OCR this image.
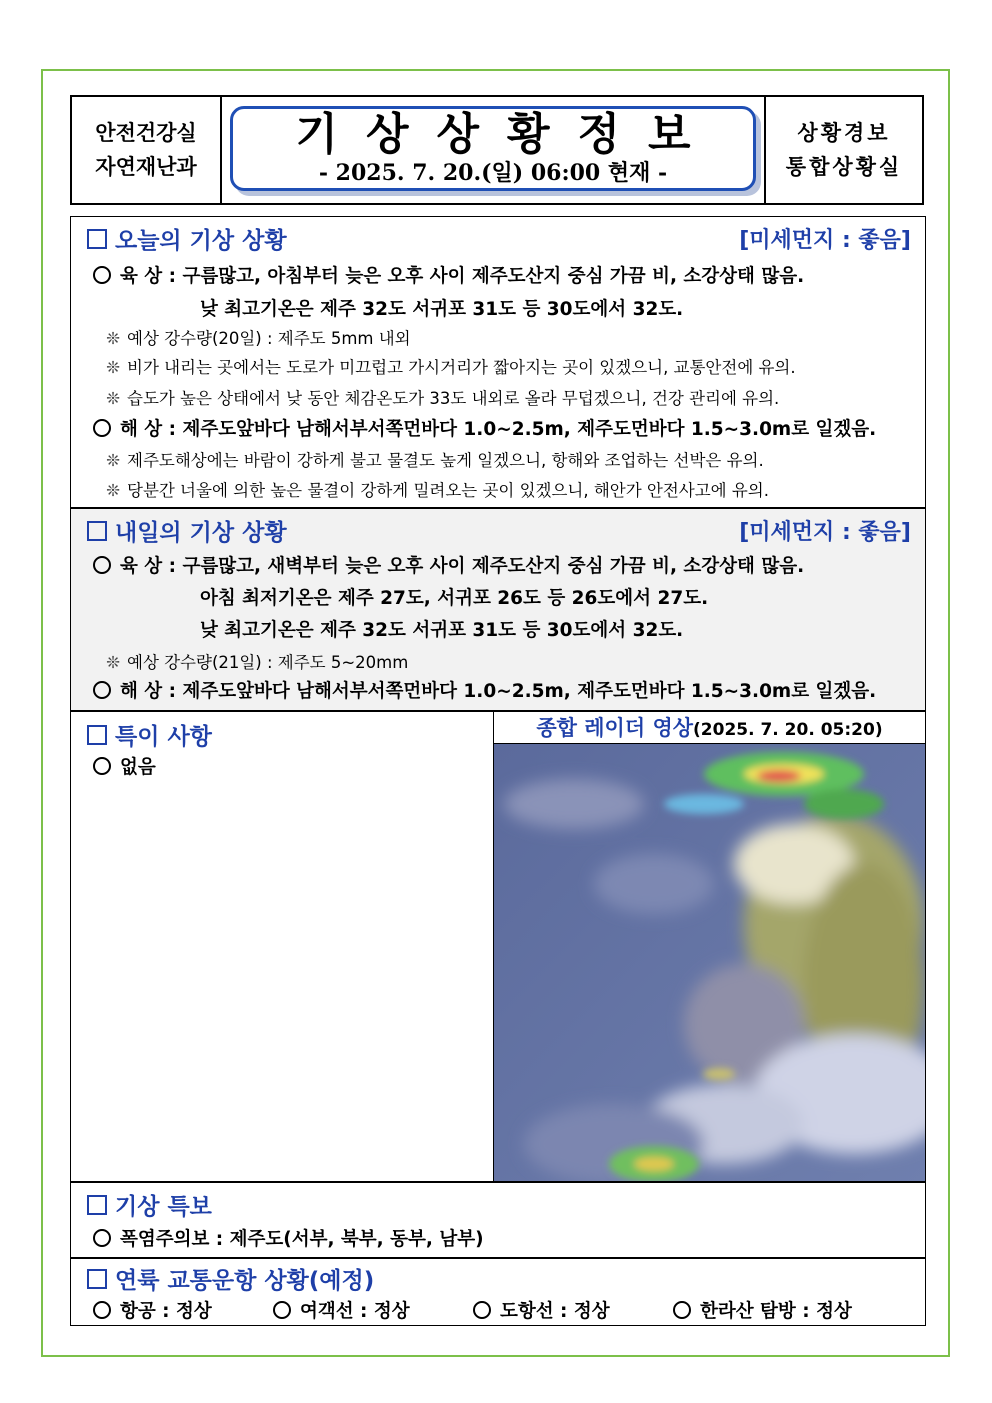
안전건강실
자연재난과
기상상황정보
- 2025. 7. 20.(일) 06:00 현재 -
상황경보
통합상황실
오늘의 기상 상황	[미세먼지 : 좋음]
육 상 : 구름많고, 아침부터 늦은 오후 사이 제주도산지 중심 가끔 비, 소강상태 많음.
낮 최고기온은 제주 32도 서귀포 31도 등 30도에서 32도.
❊ 예상 강수량(20일) : 제주도 5mm 내외
❊ 비가 내리는 곳에서는 도로가 미끄럽고 가시거리가 짧아지는 곳이 있겠으니, 교통안전에 유의.
❊ 습도가 높은 상태에서 낮 동안 체감온도가 33도 내외로 올라 무덥겠으니, 건강 관리에 유의.
해 상 : 제주도앞바다 남해서부서쪽먼바다 1.0~2.5m, 제주도먼바다 1.5~3.0m로 일겠음.
❊ 제주도해상에는 바람이 강하게 불고 물결도 높게 일겠으니, 항해와 조업하는 선박은 유의.
❊ 당분간 너울에 의한 높은 물결이 강하게 밀려오는 곳이 있겠으니, 해안가 안전사고에 유의.
내일의 기상 상황	[미세먼지 : 좋음]
육 상 : 구름많고, 새벽부터 늦은 오후 사이 제주도산지 중심 가끔 비, 소강상태 많음.
아침 최저기온은 제주 27도, 서귀포 26도 등 26도에서 27도.
낮 최고기온은 제주 32도 서귀포 31도 등 30도에서 32도.
❊ 예상 강수량(21일) : 제주도 5~20mm
해 상 : 제주도앞바다 남해서부서쪽먼바다 1.0~2.5m, 제주도먼바다 1.5~3.0m로 일겠음.
특이 사항
없음
종합 레이더 영상(2025. 7. 20. 05:20)
기상 특보
폭염주의보 : 제주도(서부, 북부, 동부, 남부)
연륙 교통운항 상황(예정)
항공 : 정상	여객선 : 정상	도항선 : 정상	한라산 탐방 : 정상
